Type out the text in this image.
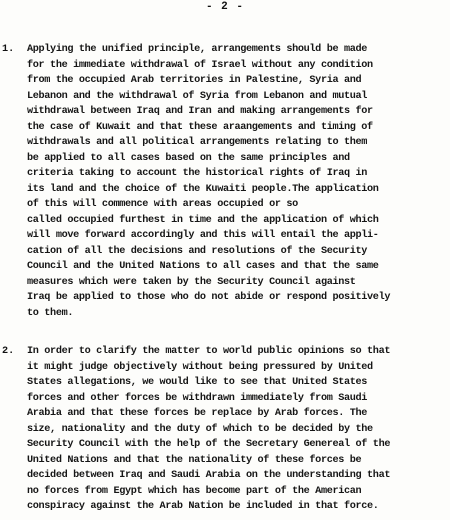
- 2 -
1. Applying the unified principle, arrangements should be made
for the immediate withdrawal of Israel without any condition
from the occupied Arab territories in Palestine, Syria and
Lebanon and the withdrawal of Syria from Lebanon and mutual
withdrawal between Iraq and Iran and making arrangements for
the case of Kuwait and that these araangements and timing of
withdrawals and all political arrangements relating to them
be applied to all cases based on the same principles and
criteria taking to account the historical rights of Iraq in
its land and the choice of the Kuwaiti people.The application
of this will commence with areas occupied or so
called occupied furthest in time and the application of which
will move forward accordingly and this will entail the appli-
cation of all the decisions and resolutions of the Security
Council and the United Nations to all cases and that the same
measures which were taken by the Security Council against
Iraq be applied to those who do not abide or respond positively
to them.
2. In order to clarify the matter to world public opinions so that
it might judge objectively without being pressured by United
States allegations, we would like to see that United States
forces and other forces be withdrawn immediately from Saudi
Arabia and that these forces be replace by Arab forces. The
size, nationality and the duty of which to be decided by the
Security Council with the help of the Secretary Genereal of the
United Nations and that the nationality of these forces be
decided between Iraq and Saudi Arabia on the understanding that
no forces from Egypt which has become part of the American
conspiracy against the Arab Nation be included in that force.
